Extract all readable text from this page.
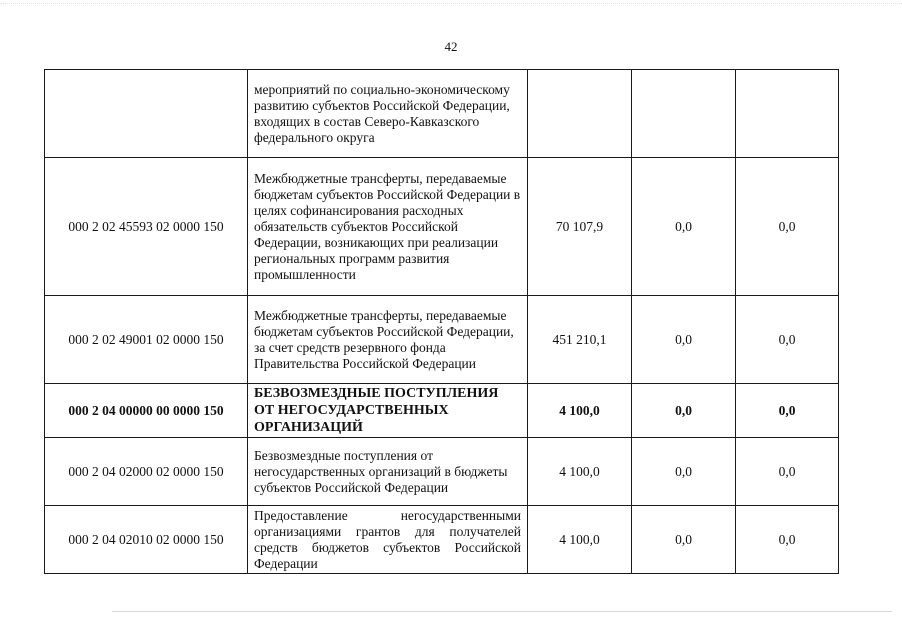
42
	мероприятий по социально-экономическому развитию субъектов Российской Федерации, входящих в состав Северо-Кавказского федерального округа			
000 2 02 45593 02 0000 150	Межбюджетные трансферты, передаваемые бюджетам субъектов Российской Федерации в целях софинансирования расходных обязательств субъектов Российской Федерации, возникающих при реализации региональных программ развития промышленности	70 107,9	0,0	0,0
000 2 02 49001 02 0000 150	Межбюджетные трансферты, передаваемые бюджетам субъектов Российской Федерации, за счет средств резервного фонда Правительства Российской Федерации	451 210,1	0,0	0,0
000 2 04 00000 00 0000 150	БЕЗВОЗМЕЗДНЫЕ ПОСТУПЛЕНИЯ ОТ НЕГОСУДАРСТВЕННЫХ ОРГАНИЗАЦИЙ	4 100,0	0,0	0,0
000 2 04 02000 02 0000 150	Безвозмездные поступления от негосударственных организаций в бюджеты субъектов Российской Федерации	4 100,0	0,0	0,0
000 2 04 02010 02 0000 150	Предоставление негосударственными организациями грантов для получателей средств бюджетов субъектов Российской Федерации	4 100,0	0,0	0,0
